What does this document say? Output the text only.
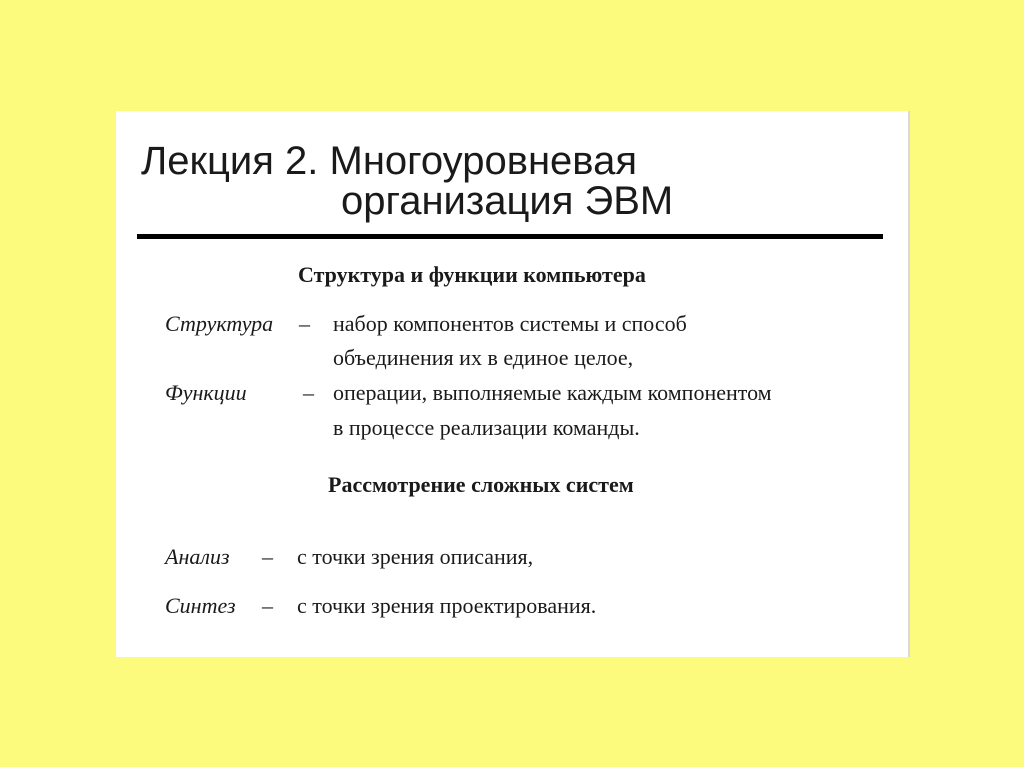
Лекция 2. Многоуровневая
организация ЭВМ
Структура и функции компьютера
Структура – набор компонентов системы и способ
объединения их в единое целое,
Функции	– операции, выполняемые каждым компонентом
в процессе реализации команды.
Рассмотрение сложных систем
Анализ – с точки зрения описания,
Синтез – с точки зрения проектирования.
